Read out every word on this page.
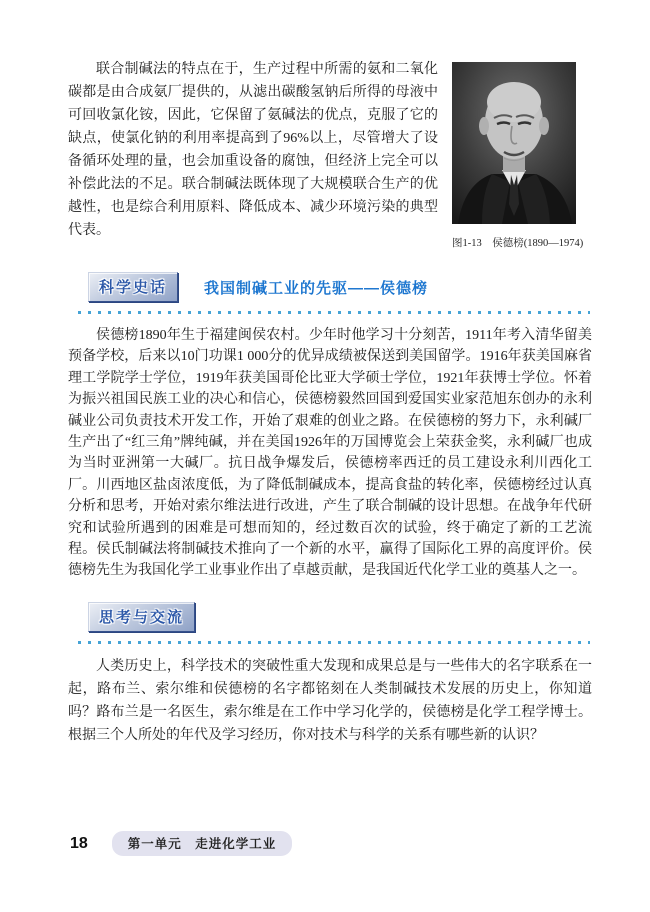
联合制碱法的特点在于，生产过程中所需的氨和二氧化碳都是由合成氨厂提供的，从滤出碳酸氢钠后所得的母液中可回收氯化铵，因此，它保留了氨碱法的优点，克服了它的缺点，使氯化钠的利用率提高到了96%以上，尽管增大了设备循环处理的量，也会加重设备的腐蚀，但经济上完全可以补偿此法的不足。联合制碱法既体现了大规模联合生产的优越性，也是综合利用原料、降低成本、减少环境污染的典型代表。
图1-13　侯德榜(1890—1974)
科学史话	我国制碱工业的先驱——侯德榜
侯德榜1890年生于福建闽侯农村。少年时他学习十分刻苦，1911年考入清华留美预备学校，后来以10门功课1 000分的优异成绩被保送到美国留学。1916年获美国麻省理工学院学士学位，1919年获美国哥伦比亚大学硕士学位，1921年获博士学位。怀着为振兴祖国民族工业的决心和信心，侯德榜毅然回国到爱国实业家范旭东创办的永利碱业公司负责技术开发工作，开始了艰难的创业之路。在侯德榜的努力下，永利碱厂生产出了“红三角”牌纯碱，并在美国1926年的万国博览会上荣获金奖，永利碱厂也成为当时亚洲第一大碱厂。抗日战争爆发后，侯德榜率西迁的员工建设永利川西化工厂。川西地区盐卤浓度低，为了降低制碱成本，提高食盐的转化率，侯德榜经过认真分析和思考，开始对索尔维法进行改进，产生了联合制碱的设计思想。在战争年代研究和试验所遇到的困难是可想而知的，经过数百次的试验，终于确定了新的工艺流程。侯氏制碱法将制碱技术推向了一个新的水平，赢得了国际化工界的高度评价。侯德榜先生为我国化学工业事业作出了卓越贡献，是我国近代化学工业的奠基人之一。
思考与交流
人类历史上，科学技术的突破性重大发现和成果总是与一些伟大的名字联系在一起，路布兰、索尔维和侯德榜的名字都铭刻在人类制碱技术发展的历史上，你知道吗？路布兰是一名医生，索尔维是在工作中学习化学的，侯德榜是化学工程学博士。根据三个人所处的年代及学习经历，你对技术与科学的关系有哪些新的认识？
18	第一单元　走进化学工业
